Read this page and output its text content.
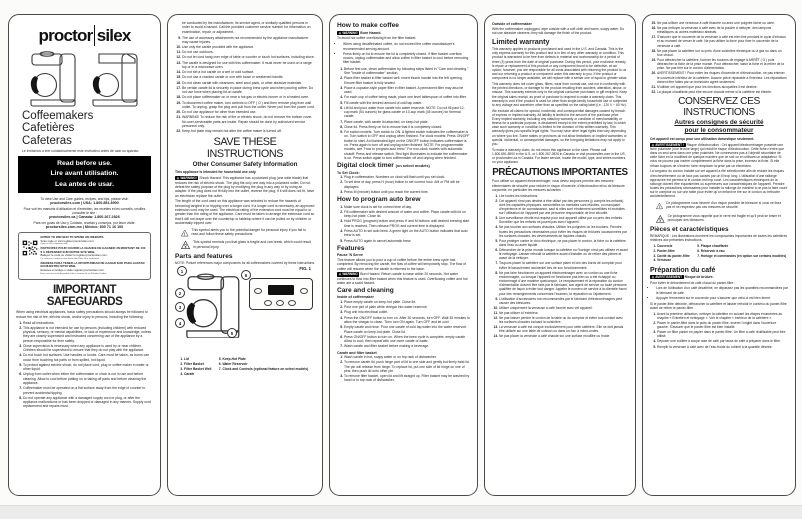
proctor silex
Coffeemakers
Cafetières
Cafeteras

Le invitamos a leer cuidadosamente este instructivo antes de usar su aparato.

Read before use.
Lire avant utilisation.
Lea antes de usar.

To view Use and Care guides, recipes, and tips, please visit:

proctorsilex.com | USA: 1.800.851.8900

Pour voir les manuels d'utilisation et d'entretien, les recettes et les conseils, veuillez consulter le site :

proctorsilex.ca | Canada: 1.800.267.2826

Para ver guías de Uso y Cuidado, recetas y consejos, por favor visite:

proctorsilex.com.mx | México: 800 71 16 100

ENTER TO WIN $100 TO SPEND ON WEBSITE.
Scan code or visit register.proctorsilex.com.
Open to US customers only.
PARTICIPEZ POUR COURIR LA CHANCE DE GAGNER UN MONTANT DE 100 $ À DÉPENSER SUR NOTRE SITE WEB.
Balayez le code ou visitez le register.proctorsilex.com.
Ce concours s'adresse aux clients des États-Unis seulement.
INGRESE PARA TENER LA OPORTUNIDAD DE GANAR $100 PARA GASTAR EN NUESTRO SITIO WEB.
Escanee el código o visite register.proctorsilex.com.
Este concurso está disponible sólo a clientes de los Estados Unidos.
IMPORTANT SAFEGUARDS

When using electrical appliances, basic safety precautions should always be followed to reduce the risk of fire, electric shock, and/or injury to persons, including the following:

1. Read all instructions.
2. This appliance is not intended for use by persons (including children) with reduced physical, sensory, or mental capabilities, or lack of experience and knowledge, unless they are closely supervised and instructed concerning use of the appliance by a person responsible for their safety.
3. Close supervision is necessary when any appliance is used by or near children. Children should be supervised to ensure that they do not play with the appliance.
4. Do not touch hot surfaces. Use handles or knobs. Care must be taken, as burns can occur from touching hot parts or from spilled, hot liquid.
5. To protect against electric shock, do not place cord, plug or coffee maker in water or other liquid.
6. Unplug from outlet when either the coffeemaker or clock is not in use and before cleaning. Allow to cool before putting on or taking off parts and before cleaning the appliance.
7. Coffeemaker must be operated on a flat surface away from the edge of counter to prevent accidental tipping.
8. Do not operate any appliance with a damaged supply cord or plug, or after the appliance malfunctions or has been dropped or damaged in any manner. Supply cord replacement and repairs must

be conducted by the manufacturer, its service agent, or similarly qualified persons in order to avoid a hazard. Call the provided customer service number for information on examination, repair, or adjustment.

9. The use of accessory attachments not recommended by the appliance manufacturer may cause injuries.
10. Use only the carafe provided with the appliance.
11. Do not use outdoors.
12. Do not let cord hang over edge of table or counter or touch hot surfaces, including stove.
13. The carafe is designed for use with this coffeemaker. It must never be used on a range top or in a microwave oven.
14. Do not set a hot carafe on a wet or cold surface.
15. Do not use a cracked carafe or one with loose or weakened handle.
16. Do not clean carafe with cleansers, steel wool pads, or other abrasive materials.
17. Be certain carafe lid is securely in place during brew cycle and when pouring coffee. Do not use force when placing lid on carafe.
18. Do not place coffeemaker on or near a hot gas or electric burner or in a heated oven.
19. To disconnect coffee maker, turn controls to OFF ( O ) and then remove plug from wall outlet. To unplug, grasp the plug and pull from the outlet. Never pull from the power cord.
20. Do not use appliance for other than intended use.
21. WARNING! To reduce the risk of fire or electric shock, do not remove the bottom cover. No user-serviceable parts are inside. Repair should be done by authorized service personnel only.
22. Keep-hot plate may remain hot after the coffee maker is turned off.
SAVE THESE INSTRUCTIONS
Other Consumer Safety Information

This appliance is intended for household use only.

⚠ WARNING! Shock Hazard: This appliance has a polarized plug (one wide blade) that reduces the risk of electric shock. The plug fits only one way into a polarized outlet. Do not defeat the safety purpose of the plug by modifying the plug in any way or by using an adapter. If the plug does not fit fully into the outlet, reverse the plug. If it still does not fit, have an electrician replace the outlet.

The length of the cord used on this appliance was selected to reduce the hazards of becoming tangled in or tripping over a longer cord. If a longer cord is necessary, an approved extension cord may be used. The electrical rating of the extension cord must be equal to or greater than the rating of the appliance. Care must be taken to arrange the extension cord so that it will not drape over the countertop or tabletop where it can be pulled on by children or accidentally tripped over.

!

This symbol alerts you to the potential danger for personal injury if you fail to read and follow these safety precautions.

This symbol reminds you that glass is fragile and can break, which could result in personal injury.

Parts and features

NOTE: Picture references major components for all coffeemakers covered by these instructions.

FIG. 1
1
2
3
4
5
6
1. Lid
2. Filter Basket
3. Filter Basket Well
4. Carafe
5. Keep-Hot Plate
6. Water Reservoir
7. Clock and Controls (optional feature on select models)
How to make coffee

⚠ WARNING Burn Hazard.

To avoid hot coffee overflowing from the filter basket:

• When using decaffeinated coffee, do not exceed the coffee manufacturer's recommended serving amount.
• Press firmly on lid to ensure the lid is completely closed. If filter basket overflow occurs, unplug coffeemaker and allow coffee in filter basket to cool before removing filter basket.
1. Before first use, clean coffeemaker by following steps listed in "Care and cleaning." See "Inside of coffeemaker" section.
2. Place filter basket in filter basket well. Insert thumb handle into the left opening. Ensure filter basket is fully seated.
3. Place a cupcake-style paper filter in filter basket. A permanent filter may also be used.
4. For each cup of coffee being made, place one level tablespoon of coffee into filter.
5. Fill carafe with the desired amount of cold tap water.
6. Lift lid and pour water from carafe into water reservoir. NOTE: Do not fill past 12-cup mark (54 ounces) for glass carafe or 10-cup mark (45 ounces) for thermal carafe.
7. Place carafe, with carafe lid attached, on keep-hot plate.
8. Close lid. Press firmly on lid to ensure that it is completely closed.
9. For switch models: Turn switch to ON. A lighted switch indicates the coffeemaker is on. Turn switch to OFF and unplug when finished. For clock models: Press ON/OFF button to start. An illuminated light on the ON/OFF button indicates coffeemaker is on. Press again to turn off and unplug when finished. NOTE: For programmable models, see "How to program auto brew." For non-clock models with automatic shutoff: Press and release switch. Red light illuminates to indicate the coffeemaker is on. Press switch again to turn coffeemaker off and unplug when finished.
Digital clock timer (on select models)
To Set Clock:
1. Plug in coffeemaker. Numbers on clock will flash until you set clock.
2. To set time of day, press H (hour) button to set current hour. AM or PM will be displayed.
3. Press M (minute) button until you reach the current time.
How to program auto brew
1. Make sure clock is set for correct time of day.
2. Fill coffeemaker with desired amount of water and coffee. Place carafe with lid on keep-hot plate. Close lid.
3. Hold PROG (program) button and press H and M buttons until desired brewing start time is reached. Then release PROG and current time is displayed.
4. Press AUTO to set auto brew. A green light on the AUTO button indicates that auto brew is set.
5. Press AUTO again to cancel automatic brew.
Features
Pause 'N Serve

This feature allows you to pour a cup of coffee before the entire brew cycle has completed. By removing the carafe, the flow of coffee will temporarily stop. The flow of coffee will resume when the carafe is returned to the base.

⚠ WARNING Burn Hazard. Return carafe to base within 20 seconds. Hot water continues to flow into filter basket when this feature is used. Overflowing coffee and hot water are a scald hazard.

Care and cleaning
Inside of coffeemaker
1. Place empty carafe on keep-hot plate. Close lid.
2. Pour one pint of plain white vinegar into water reservoir.
3. Plug unit into electrical outlet.
4. Press the ON/OFF button to turn on. After 30 seconds, turn OFF. Wait 30 minutes to allow the vinegar to clean. Then turn ON again. Turn OFF and let cool.
5. Empty carafe and rinse. Pour one carafe of cold tap water into the water reservoir. Place carafe on keep-hot plate. Close lid.
6. Press ON/OFF button to turn on. When the brew cycle is complete, empty carafe. Allow to cool; then repeat with one more carafe of water.
7. Wash carafe and filter basket before making a beverage.
Carafe and filter basket
1. Wash carafe in hot, soapy water or on top rack of dishwasher.
2. To remove carafe lid, push hinge part of lid to one side and gently but firmly twist lid. The pin will release from hinge. To replace lid, put one side of lid hinge on one of pins; then push lid onto other pin.
3. To remove filter basket, open lid and lift straight up. Filter basket may be washed by hand or in top rack of dishwasher.
Outside of coffeemaker

With the coffeemaker unplugged, wipe outside with a soft cloth and warm, soapy water. Do not use abrasive cleaners; they will damage the finish of the product.

Limited warranty

This warranty applies to products purchased and used in the U.S. and Canada. This is the only express warranty for this product and is in lieu of any other warranty or condition. This product is warranted to be free from defects in material and workmanship for a period of three (3) years from the date of original purchase. During this period, your exclusive remedy is repair or replacement of this product or any component found to be defective, at our option; however, you are responsible for all costs associated with returning the product to us and our returning a product or component under this warranty to you. If the product or component is no longer available, we will replace with a similar one of equal or greater value.

This warranty does not cover glass, filters, wear from normal use, use not in conformity with the printed directions, or damage to the product resulting from accident, alteration, abuse, or misuse. This warranty extends only to the original consumer purchaser or gift recipient. Keep the original sales receipt, as proof of purchase is required to make a warranty claim. This warranty is void if the product is used for other than single-family household use or subjected to any voltage and waveform other than as specified on the rating label (i.e., 120 V ~ 60 Hz).

We exclude all claims for special, incidental, and consequential damages caused by breach of express or implied warranty. All liability is limited to the amount of the purchase price. Every implied warranty, including any statutory warranty or condition of merchantability or fitness for a particular purpose, is disclaimed except to the extent prohibited by law, in which case such warranty or condition is limited to the duration of this written warranty. This warranty gives you specific legal rights. You may have other legal rights that vary depending on where you live. Some states or provinces do not allow limitations on implied warranties or special, incidental, or consequential damages, so the foregoing limitations may not apply to you.

To make a warranty claim, do not return this appliance to the store. Please call 1.800.851.8900 in the U.S. or 1.800.267.2826 in Canada or visit proctorsilex.com in the US, or proctorsilex.ca in Canada. For faster service, locate the model, type, and series numbers on your appliance.

PRÉCAUTIONS IMPORTANTES

Pour utiliser un appareil électroménager, vous devez toujours prendre des mesures élémentaires de sécurité pour réduire le risque d'incendie, d'électrocution et/ou de blessure corporelle, en particulier les mesures suivantes :

1. Lire toutes les instructions.
2. Cet appareil n'est pas destiné à être utilisé par des personnes (y compris les enfants) dont les capacités physiques, sensorielles ou mentales sont réduites, ou manquant d'expérience et de connaissance, sauf si elles sont étroitement surveillées et instruites sur l'utilisation de l'appareil par une personne responsable de leur sécurité.
3. Une surveillance étroite est requise pour tout appareil utilisé par ou près des enfants. Surveiller que les enfants ne jouent pas avec l'appareil.
4. Ne pas toucher aux surfaces chaudes. Utiliser les poignées ou les boutons. Prendre toutes les précautions nécessaires pour éviter les risques de brûlures occasionnées par les surfaces chaudes, les déversements de liquides chauds.
5. Pour protéger contre le choc électrique, ne pas placer le cordon, la fiche ou la cafetière dans l'eau ou autre liquide.
6. Débrancher de la prise murale lorsque la cafetière ou l'horloge n'est pas utilisée et avant le nettoyage. Laisser refroidir la cafetière avant d'installer ou de retirer des pièces et avant de la nettoyer.
7. Toujours placer la cafetière sur une surface plane et loin des bords de comptoir pour éviter le basculement accidentel lors de son fonctionnement.
8. Ne pas faire fonctionner un appareil électroménager avec un cordon ou une fiche endommagée, ou lorsque l'appareil ne fonctionne pas bien ou a été échappé ou endommagé d'une manière quelconque. Le remplacement et la réparation du cordon d'alimentation doivent être faits par le fabricant, son agent de service ou toute personne qualifiée de façon à éviter tout danger. Appeler le numéro de service à la clientèle fourni pour des renseignements concernant l'examen, la réparation ou l'ajustement.
9. L'utilisation d'accessoires non recommandés par le fabricant d'électroménagers peut causer des blessures.
10. Utiliser uniquement la verseuse à café fournie avec cet appareil.
11. Ne pas utiliser à l'extérieur.
12. Ne pas laisser pendre le cordon de la table ou du comptoir et éviter tout contact avec les surfaces chaudes incluant la cuisinière.
13. La verseuse à café est conçue exclusivement pour cette cafetière. Elle ne doit jamais être utilisée sur une table de cuisson ou dans un four à micro-ondes.
14. Ne pas placer la verseuse à café chaude sur une surface mouillée ou froide.
15. Ne pas utiliser une verseuse à café fissurée ou avec une poignée lâche ou usée.
16. Ne pas nettoyer la verseuse à café avec de la poudre à nettoyer, des tampons métalliques ou autres matériaux abrasifs.
17. S'assurer que le couvercle de la verseuse à café est bien fixé pendant le cycle d'infusion et au moment de verser le café. Ne pas utiliser la force pour fixer le couvercle de la verseuse à café.
18. Ne pas placer la cafetière sur ou près d'une cuisinière électrique ou à gaz ou dans un four chaud.
19. Pour débrancher la cafetière, tourner les boutons de réglage à ARRÊT ( O ) puis débrancher la fiche de la prise murale. Pour débrancher, saisir la fiche et la retirer de la prise. Ne pas tirer sur le cordon d'alimentation.
20. AVERTISSEMENT ! Pour éviter les risques d'incendie et d'électrocution, ne pas enlever le couvercle intérieur de la cafetière. Aucune pièce réparable à l'intérieur. Les réparations doivent être faites par un technicien agréé seulement.
21. N'utiliser cet appareil que pour les fonctions auxquelles il est destiné.
22. La plaque chauffante peut être encore chaude même si la cafetière est éteinte.
CONSERVEZ CES INSTRUCTIONS
Autres consignes de sécurité
pour le consommateur

Cet appareil est conçu pour une utilisation domestique seulement.

⚠ AVERTISSEMENT ! Risque d'électrocution : Cet appareil électroménager possède une fiche polarisée (une broche large) qui réduit le risque d'électrocution. Cette fiche n'entre que dans un seul sens dans une prise polarisée. Ne contrevenez pas à l'objectif sécuritaire de cette fiche en la modifiant de quelque manière que ce soit ou en utilisant un adaptateur. Si vous ne pouvez pas insérer complètement la fiche dans la prise, inversez la fiche. Si elle refuse toujours de s'insérer, faire remplacer la prise par un électricien.

La longueur du cordon installé sur cet appareil a été sélectionnée afin de réduire les risques d'enchevêtrement ou de faux pas causés par un fil trop long. L'utilisation d'une rallonge approuvée est permise si le cordon est trop court. Les caractéristiques électriques de la rallonge doivent être équivalentes ou supérieures aux caractéristiques de l'appareil. Prendre toutes les précautions nécessaires pour installer la rallonge de manière à ne pas la faire courir sur le comptoir ou sur une table pour éviter qu'un enfant ne tire sur le cordon ou trébuche accidentellement.

!

Ce pictogramme vous informe d'un risque possible de blessure si vous ne lisez pas et ne respectez pas ces mesures de sécurité.

Ce pictogramme vous rappelle que le verre est fragile et qu'il peut se briser et provoquer des blessures.

Pièces et caractéristiques

REMARQUE : Les illustrations montrent les composantes importantes de toutes les cafetières relatives aux présentes instructions.

1. Couvercle
2. Panier-filtre
3. Cavité du panier-filtre
4. Verseuse
5. Plaque chauffante
6. Réservoir à eau
7. Horloge et commandes (en option sur certains modèles)
Préparation du café

⚠ AVERTISSEMENT Risque de brûlure.

Pour éviter le débordement de café chaud du panier-filtre :

• Lors de l'utilisation d'un café décaféiné, ne dépassez pas les quantités recommandées par le fabricant de café.
• Appuyer fermement sur le couvercle pour s'assurer que celui-ci est bien fermé.

Si le panier-filtre déborde, débrancher la cafetière et laisser refroidir le contenu du panier-filtre avant de retirer le panier-filtre.

1. Avant la première utilisation, nettoyer la cafetière en suivant les étapes énumérées au chapitre « Entretien et nettoyage ». Voir le chapitre « Intérieur de la cafetière ».
2. Placer le panier-filtre dans le puits du panier-filtre. Insérer l'onglet dans l'ouverture gauche. S'assurer que le panier-filtre est bien installé.
3. Placer un filtre panier en papier dans le panier-filtre. Un filtre à café réutilisable peut être utilisé.
4. Déposer une cuillère à soupe rase de café par tasse de café à préparer dans le filtre.
5. Remplir la verseuse à café avec de l'eau froide du robinet à la quantité désirée.
